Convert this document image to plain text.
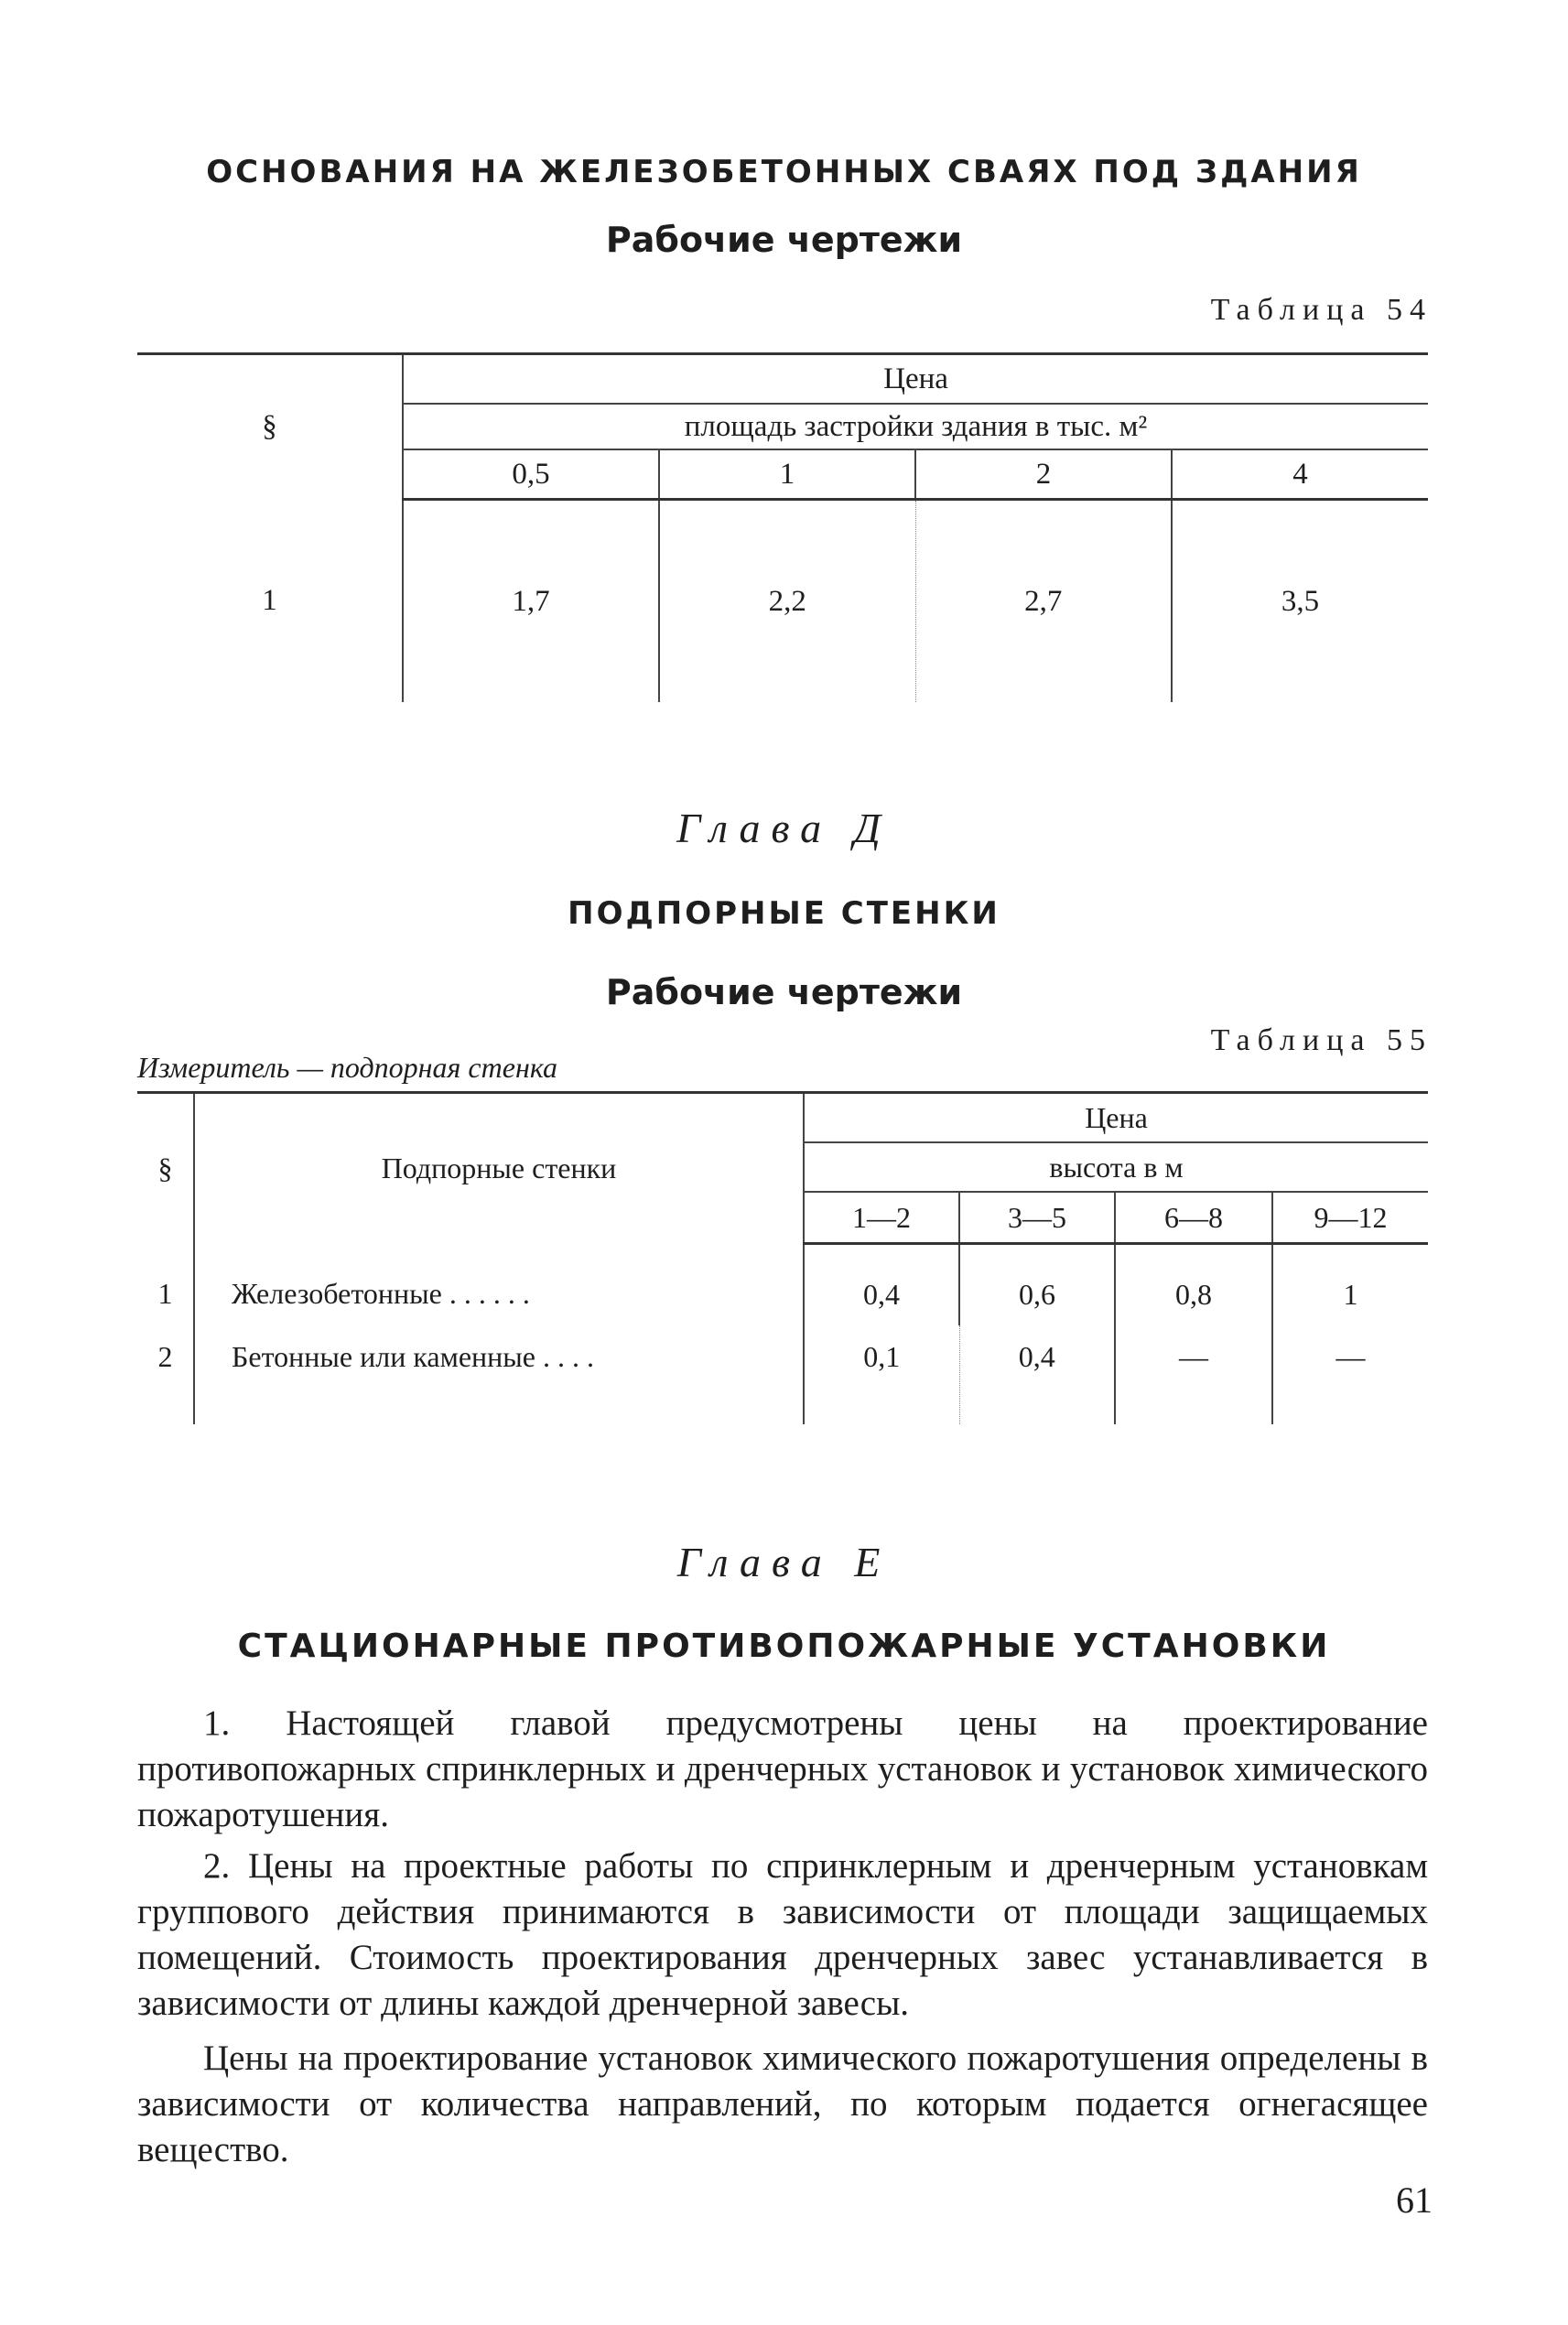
ОСНОВАНИЯ НА ЖЕЛЕЗОБЕТОННЫХ СВАЯХ ПОД ЗДАНИЯ
Рабочие чертежи
Таблица 54
§	Цена			
	площадь застройки здания в тыс. м²			
	0,5	1	2	4
1	1,7	2,2	2,7	3,5
Глава Д
ПОДПОРНЫЕ СТЕНКИ
Рабочие чертежи
Таблица 55
Измеритель — подпорная стенка
§	Подпорные стенки	Цена			
		высота в м			
		1—2	3—5	6—8	9—12
1	Железобетонные . . . . . .	0,4	0,6	0,8	1
2	Бетонные или каменные . . . .	0,1	0,4	—	—
Глава Е
СТАЦИОНАРНЫЕ ПРОТИВОПОЖАРНЫЕ УСТАНОВКИ

1. Настоящей главой предусмотрены цены на проектирование противопожарных спринклерных и дренчерных установок и установок химического пожаротушения.

2. Цены на проектные работы по спринклерным и дренчерным установкам группового действия принимаются в зависимости от площади защищаемых помещений. Стоимость проектирования дренчерных завес устанавливается в зависимости от длины каждой дренчерной завесы.

Цены на проектирование установок химического пожаротушения определены в зависимости от количества направлений, по которым подается огнегасящее вещество.

61
